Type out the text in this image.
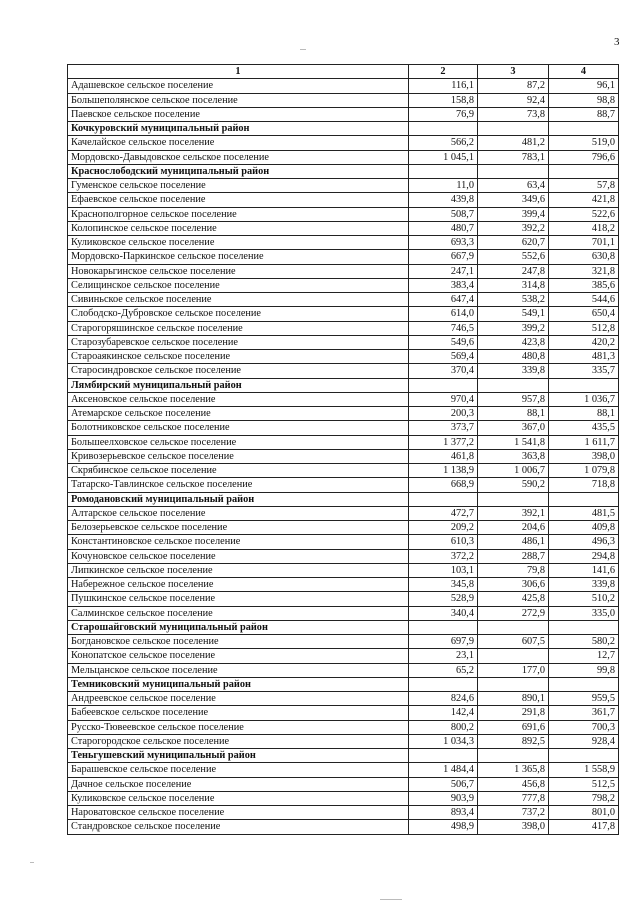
3
1	2	3	4
Адашевское сельское поселение	116,1	87,2	96,1
Большеполянское сельское поселение	158,8	92,4	98,8
Паевское сельское поселение	76,9	73,8	88,7
Кочкуровский муниципальный район			
Качелайское сельское поселение	566,2	481,2	519,0
Мордовско-Давыдовское сельское поселение	1 045,1	783,1	796,6
Краснослободский муниципальный район			
Гуменское сельское поселение	11,0	63,4	57,8
Ефаевское сельское поселение	439,8	349,6	421,8
Краснополгорное сельское поселение	508,7	399,4	522,6
Колопинское сельское поселение	480,7	392,2	418,2
Куликовское сельское поселение	693,3	620,7	701,1
Мордовско-Паркинское сельское поселение	667,9	552,6	630,8
Новокарьгинское сельское поселение	247,1	247,8	321,8
Селищинское сельское поселение	383,4	314,8	385,6
Сивиньское сельское поселение	647,4	538,2	544,6
Слободско-Дубровское сельское поселение	614,0	549,1	650,4
Старогоряшинское сельское поселение	746,5	399,2	512,8
Старозубаревское сельское поселение	549,6	423,8	420,2
Староаякинское сельское поселение	569,4	480,8	481,3
Старосиндровское сельское поселение	370,4	339,8	335,7
Лямбирский муниципальный район			
Аксеновское сельское поселение	970,4	957,8	1 036,7
Атемарское сельское поселение	200,3	88,1	88,1
Болотниковское сельское поселение	373,7	367,0	435,5
Большеелховское сельское поселение	1 377,2	1 541,8	1 611,7
Кривозерьевское сельское поселение	461,8	363,8	398,0
Скрябинское сельское поселение	1 138,9	1 006,7	1 079,8
Татарско-Тавлинское сельское поселение	668,9	590,2	718,8
Ромодановский муниципальный район			
Алтарское сельское поселение	472,7	392,1	481,5
Белозерьевское сельское поселение	209,2	204,6	409,8
Константиновское сельское поселение	610,3	486,1	496,3
Кочуновское сельское поселение	372,2	288,7	294,8
Липкинское сельское поселение	103,1	79,8	141,6
Набережное сельское поселение	345,8	306,6	339,8
Пушкинское сельское поселение	528,9	425,8	510,2
Салминское сельское поселение	340,4	272,9	335,0
Старошайговский муниципальный район			
Богдановское сельское поселение	697,9	607,5	580,2
Конопатское сельское поселение	23,1		12,7
Мельцанское сельское поселение	65,2	177,0	99,8
Темниковский муниципальный район			
Андреевское сельское поселение	824,6	890,1	959,5
Бабеевское сельское поселение	142,4	291,8	361,7
Русско-Тювеевское сельское поселение	800,2	691,6	700,3
Старогородское сельское поселение	1 034,3	892,5	928,4
Теньгушевский муниципальный район			
Барашевское сельское поселение	1 484,4	1 365,8	1 558,9
Дачное сельское поселение	506,7	456,8	512,5
Куликовское сельское поселение	903,9	777,8	798,2
Нароватовское сельское поселение	893,4	737,2	801,0
Стандровское сельское поселение	498,9	398,0	417,8
